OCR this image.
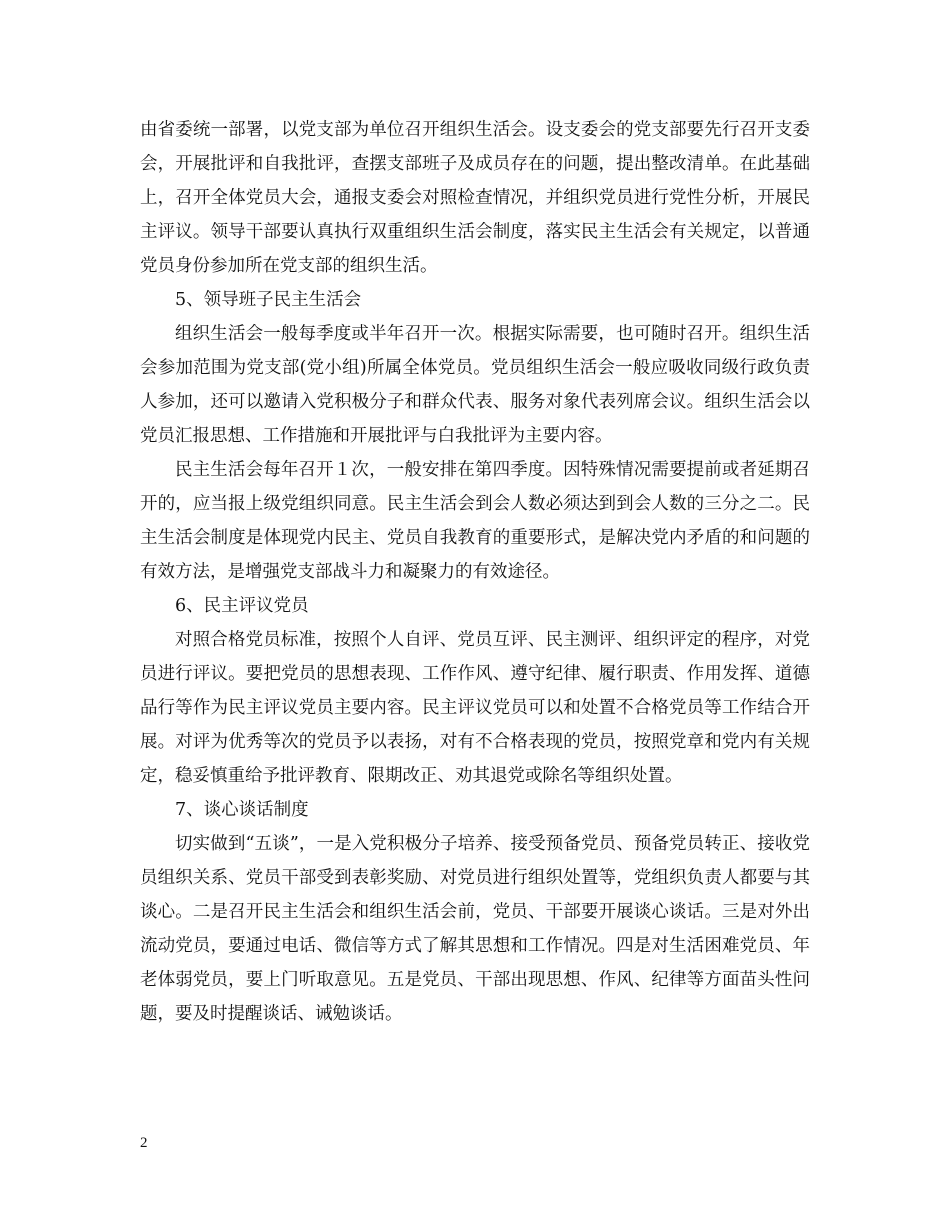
由省委统一部署，以党支部为单位召开组织生活会。设支委会的党支部要先行召开支委会，开展批评和自我批评，查摆支部班子及成员存在的问题，提出整改清单。在此基础上，召开全体党员大会，通报支委会对照检查情况，并组织党员进行党性分析，开展民主评议。领导干部要认真执行双重组织生活会制度，落实民主生活会有关规定，以普通党员身份参加所在党支部的组织生活。

5、领导班子民主生活会

组织生活会一般每季度或半年召开一次。根据实际需要，也可随时召开。组织生活会参加范围为党支部(党小组)所属全体党员。党员组织生活会一般应吸收同级行政负责人参加，还可以邀请入党积极分子和群众代表、服务对象代表列席会议。组织生活会以党员汇报思想、工作措施和开展批评与白我批评为主要内容。

民主生活会每年召开１次，一般安排在第四季度。因特殊情况需要提前或者延期召开的，应当报上级党组织同意。民主生活会到会人数必须达到到会人数的三分之二。民主生活会制度是体现党内民主、党员自我教育的重要形式，是解决党内矛盾的和问题的有效方法，是增强党支部战斗力和凝聚力的有效途径。

6、民主评议党员

对照合格党员标准，按照个人自评、党员互评、民主测评、组织评定的程序，对党员进行评议。要把党员的思想表现、工作作风、遵守纪律、履行职责、作用发挥、道德品行等作为民主评议党员主要内容。民主评议党员可以和处置不合格党员等工作结合开展。对评为优秀等次的党员予以表扬，对有不合格表现的党员，按照党章和党内有关规定，稳妥慎重给予批评教育、限期改正、劝其退党或除名等组织处置。

7、谈心谈话制度

切实做到“五谈”，一是入党积极分子培养、接受预备党员、预备党员转正、接收党员组织关系、党员干部受到表彰奖励、对党员进行组织处置等，党组织负责人都要与其谈心。二是召开民主生活会和组织生活会前，党员、干部要开展谈心谈话。三是对外出流动党员，要通过电话、微信等方式了解其思想和工作情况。四是对生活困难党员、年老体弱党员，要上门听取意见。五是党员、干部出现思想、作风、纪律等方面苗头性问题，要及时提醒谈话、诫勉谈话。

2
